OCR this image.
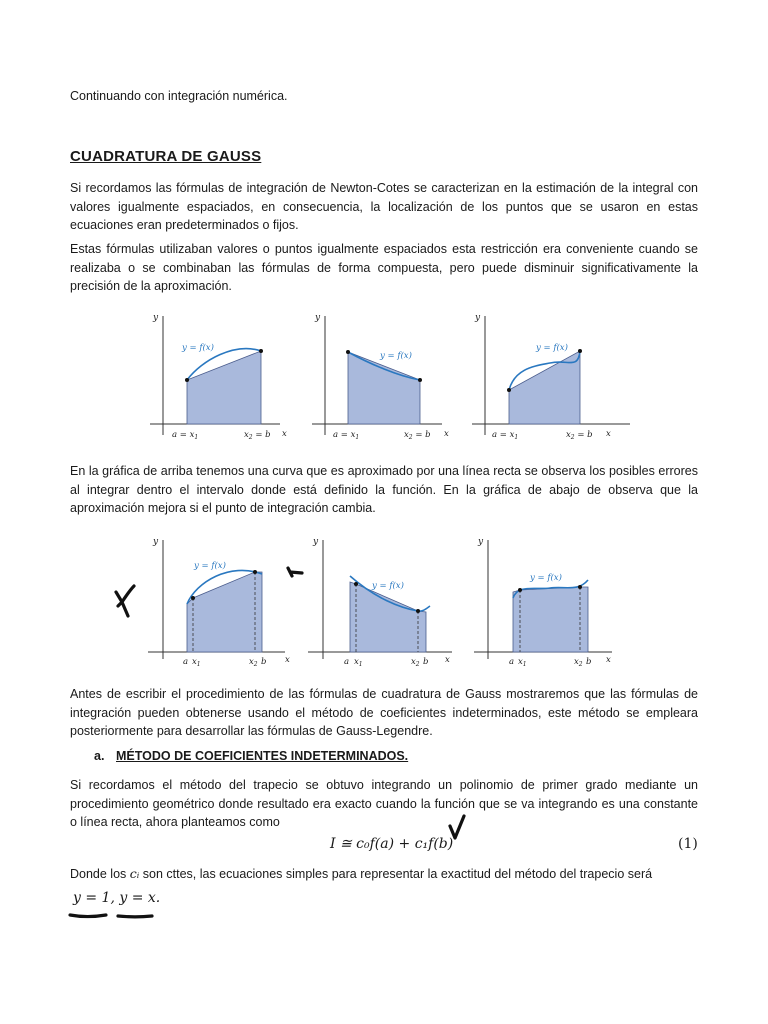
Continuando con integración numérica.

CUADRATURA DE GAUSS

Si recordamos las fórmulas de integración de Newton-Cotes se caracterizan en la estimación de la integral con valores igualmente espaciados, en consecuencia, la localización de los puntos que se usaron en estas ecuaciones eran predeterminados o fijos.

Estas fórmulas utilizaban valores o puntos igualmente espaciados esta restricción era conveniente cuando se realizaba o se combinaban las fórmulas de forma compuesta, pero puede disminuir significativamente la precisión de la aproximación.

y
x
y = f(x)
$a = x_1$	$x_2 = b$
y
x
y = f(x)
$a = x_1$	$x_2 = b$
y
x
y = f(x)
$a = x_1$	$x_2 = b$

En la gráfica de arriba tenemos una curva que es aproximado por una línea recta se observa los posibles errores al integrar dentro el intervalo donde está definido la función. En la gráfica de abajo de observa que la aproximación mejora si el punto de integración cambia.

y
x
y = f(x)
a $x_1$	$x_2$ b
y
x
y = f(x)
a $x_1$	$x_2$ b
y
x
y = f(x)
a $x_1$	$x_2$ b

Antes de escribir el procedimiento de las fórmulas de cuadratura de Gauss mostraremos que las fórmulas de integración pueden obtenerse usando el método de coeficientes indeterminados, este método se empleara posteriormente para desarrollar las fórmulas de Gauss-Legendre.

a. MÉTODO DE COEFICIENTES INDETERMINADOS.

Si recordamos el método del trapecio se obtuvo integrando un polinomio de primer grado mediante un procedimiento geométrico donde resultado era exacto cuando la función que se va integrando es una constante o línea recta, ahora planteamos como

I ≅ c₀f(a) + c₁f(b)	(1)

Donde los cᵢ son cttes, las ecuaciones simples para representar la exactitud del método del trapecio será

y = 1, y = x.
